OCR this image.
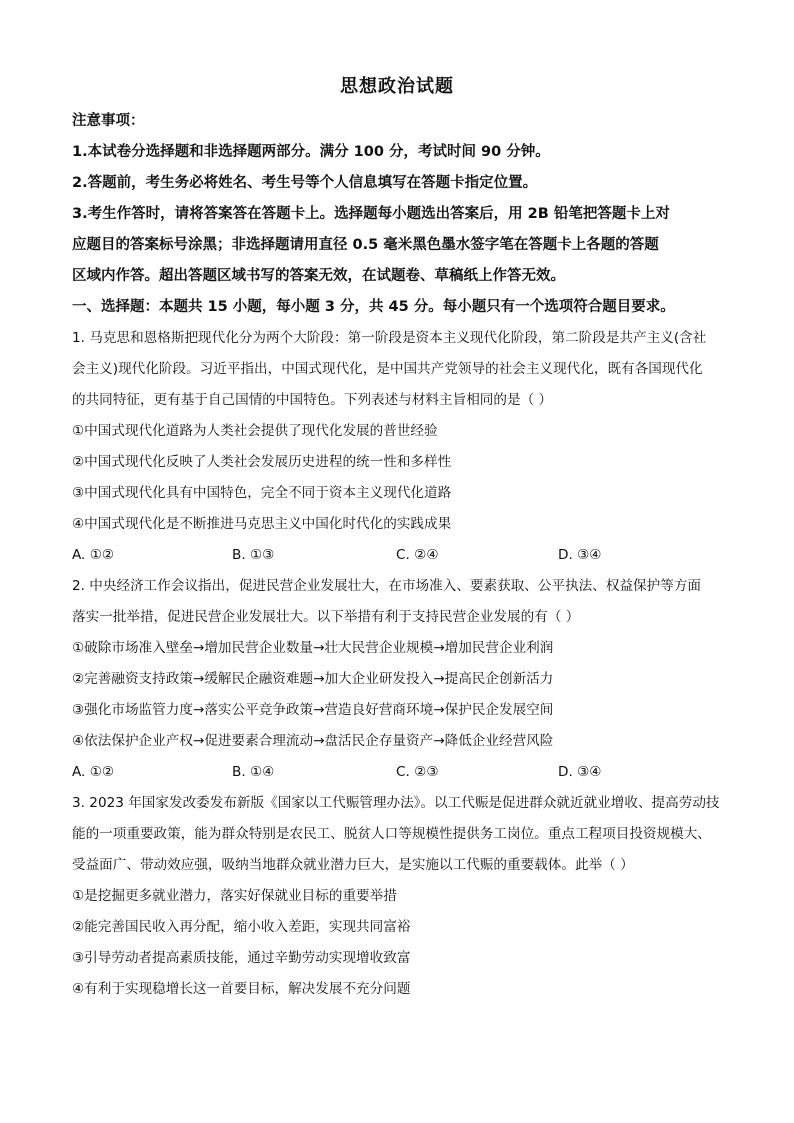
思想政治试题
注意事项：
1.本试卷分选择题和非选择题两部分。满分 100 分，考试时间 90 分钟。
2.答题前，考生务必将姓名、考生号等个人信息填写在答题卡指定位置。
3.考生作答时，请将答案答在答题卡上。选择题每小题选出答案后，用 2B 铅笔把答题卡上对
应题目的答案标号涂黑；非选择题请用直径 0.5 毫米黑色墨水签字笔在答题卡上各题的答题
区域内作答。超出答题区域书写的答案无效，在试题卷、草稿纸上作答无效。
一、选择题：本题共 15 小题，每小题 3 分，共 45 分。每小题只有一个选项符合题目要求。
1. 马克思和恩格斯把现代化分为两个大阶段：第一阶段是资本主义现代化阶段，第二阶段是共产主义(含社
会主义)现代化阶段。习近平指出，中国式现代化，是中国共产党领导的社会主义现代化，既有各国现代化
的共同特征，更有基于自己国情的中国特色。下列表述与材料主旨相同的是（ ）
①中国式现代化道路为人类社会提供了现代化发展的普世经验
②中国式现代化反映了人类社会发展历史进程的统一性和多样性
③中国式现代化具有中国特色，完全不同于资本主义现代化道路
④中国式现代化是不断推进马克思主义中国化时代化的实践成果
A. ①②	B. ①③	C. ②④	D. ③④
2. 中央经济工作会议指出，促进民营企业发展壮大，在市场准入、要素获取、公平执法、权益保护等方面
落实一批举措，促进民营企业发展壮大。以下举措有利于支持民营企业发展的有（ ）
①破除市场准入壁垒→增加民营企业数量→壮大民营企业规模→增加民营企业利润
②完善融资支持政策→缓解民企融资难题→加大企业研发投入→提高民企创新活力
③强化市场监管力度→落实公平竞争政策→营造良好营商环境→保护民企发展空间
④依法保护企业产权→促进要素合理流动→盘活民企存量资产→降低企业经营风险
A. ①②	B. ①④	C. ②③	D. ③④
3. 2023 年国家发改委发布新版《国家以工代赈管理办法》。以工代赈是促进群众就近就业增收、提高劳动技
能的一项重要政策，能为群众特别是农民工、脱贫人口等规模性提供务工岗位。重点工程项目投资规模大、
受益面广、带动效应强，吸纳当地群众就业潜力巨大，是实施以工代赈的重要载体。此举（ ）
①是挖掘更多就业潜力，落实好保就业目标的重要举措
②能完善国民收入再分配，缩小收入差距，实现共同富裕
③引导劳动者提高素质技能，通过辛勤劳动实现增收致富
④有利于实现稳增长这一首要目标，解决发展不充分问题
